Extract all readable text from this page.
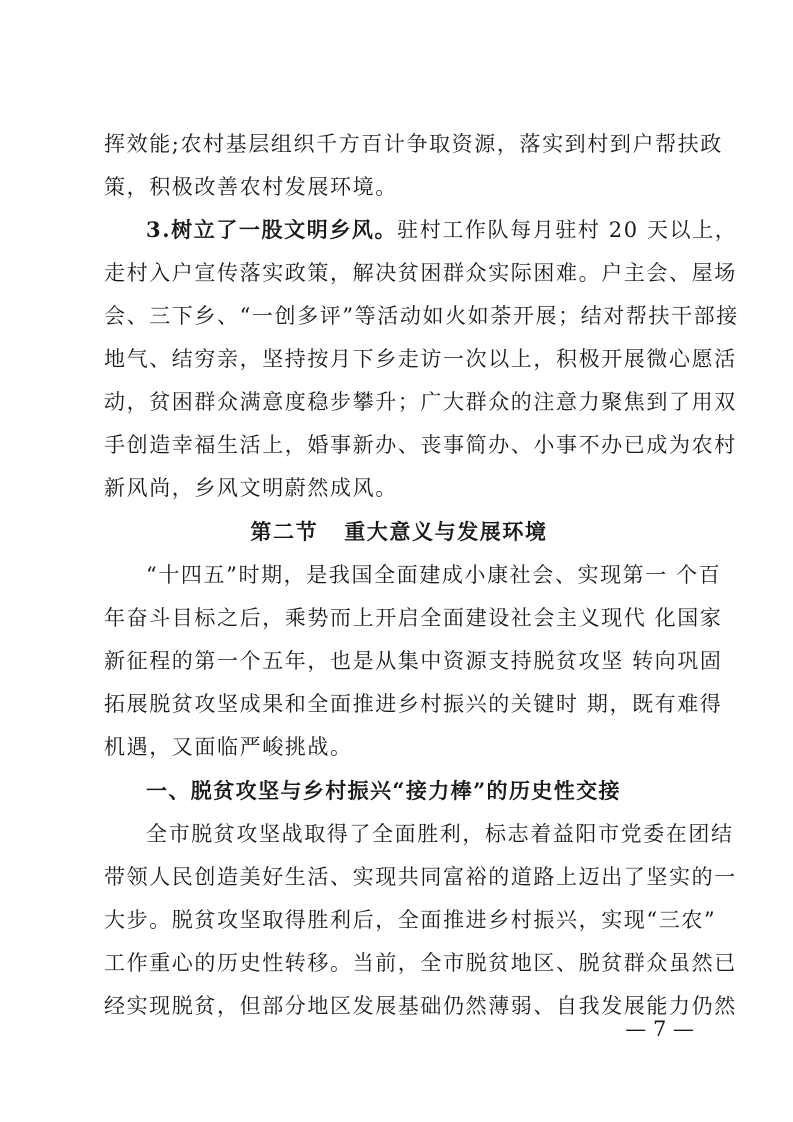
挥效能;农村基层组织千方百计争取资源，落实到村到户帮扶政
策，积极改善农村发展环境。
3.树立了一股文明乡风。驻村工作队每月驻村 20 天以上，
走村入户宣传落实政策，解决贫困群众实际困难。户主会、屋场
会、三下乡、“一创多评”等活动如火如荼开展；结对帮扶干部接
地气、结穷亲，坚持按月下乡走访一次以上，积极开展微心愿活
动，贫困群众满意度稳步攀升；广大群众的注意力聚焦到了用双
手创造幸福生活上，婚事新办、丧事简办、小事不办已成为农村
新风尚，乡风文明蔚然成风。
第二节 重大意义与发展环境
“十四五”时期，是我国全面建成小康社会、实现第一 个百
年奋斗目标之后，乘势而上开启全面建设社会主义现代 化国家
新征程的第一个五年，也是从集中资源支持脱贫攻坚 转向巩固
拓展脱贫攻坚成果和全面推进乡村振兴的关键时 期，既有难得
机遇，又面临严峻挑战。
一、脱贫攻坚与乡村振兴“接力棒”的历史性交接
全市脱贫攻坚战取得了全面胜利，标志着益阳市党委在团结
带领人民创造美好生活、实现共同富裕的道路上迈出了坚实的一
大步。脱贫攻坚取得胜利后，全面推进乡村振兴，实现“三农”
工作重心的历史性转移。当前，全市脱贫地区、脱贫群众虽然已
经实现脱贫，但部分地区发展基础仍然薄弱、自我发展能力仍然
— 7 —
